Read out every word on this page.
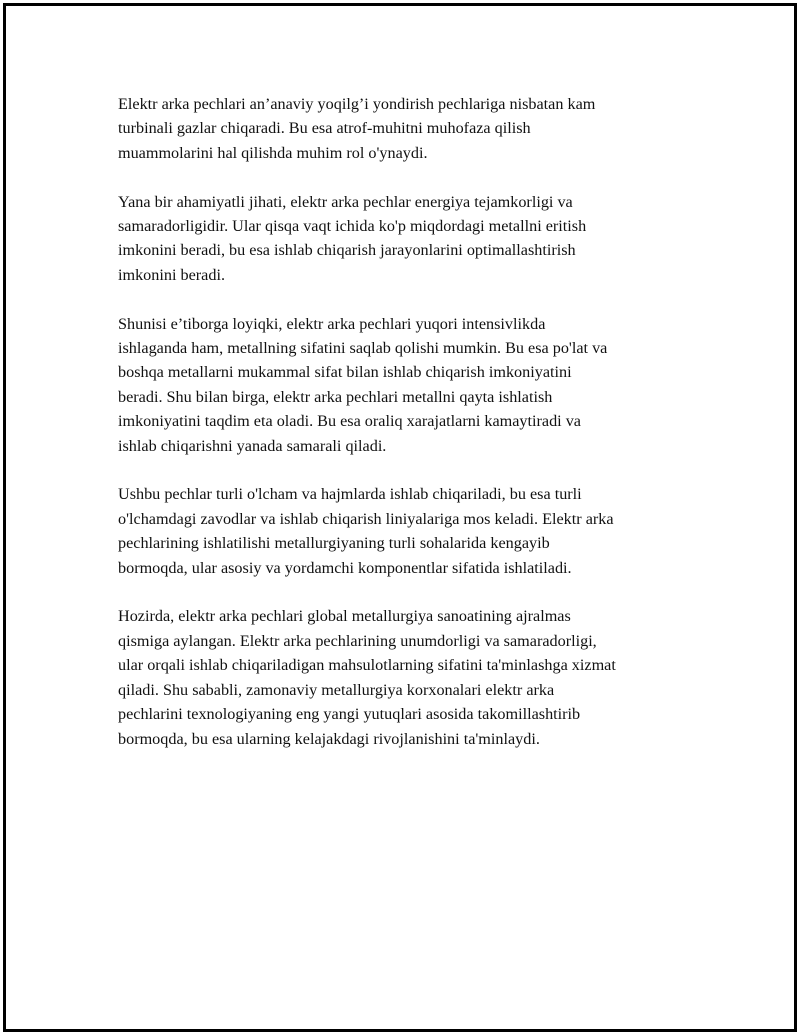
Elektr arka pechlari an’anaviy yoqilg’i yondirish pechlariga nisbatan kam
turbinali gazlar chiqaradi. Bu esa atrof-muhitni muhofaza qilish
muammolarini hal qilishda muhim rol o'ynaydi.

Yana bir ahamiyatli jihati, elektr arka pechlar energiya tejamkorligi va
samaradorligidir. Ular qisqa vaqt ichida ko'p miqdordagi metallni eritish
imkonini beradi, bu esa ishlab chiqarish jarayonlarini optimallashtirish
imkonini beradi.

Shunisi e’tiborga loyiqki, elektr arka pechlari yuqori intensivlikda
ishlaganda ham, metallning sifatini saqlab qolishi mumkin. Bu esa po'lat va
boshqa metallarni mukammal sifat bilan ishlab chiqarish imkoniyatini
beradi. Shu bilan birga, elektr arka pechlari metallni qayta ishlatish
imkoniyatini taqdim eta oladi. Bu esa oraliq xarajatlarni kamaytiradi va
ishlab chiqarishni yanada samarali qiladi.

Ushbu pechlar turli o'lcham va hajmlarda ishlab chiqariladi, bu esa turli
o'lchamdagi zavodlar va ishlab chiqarish liniyalariga mos keladi. Elektr arka
pechlarining ishlatilishi metallurgiyaning turli sohalarida kengayib
bormoqda, ular asosiy va yordamchi komponentlar sifatida ishlatiladi.

Hozirda, elektr arka pechlari global metallurgiya sanoatining ajralmas
qismiga aylangan. Elektr arka pechlarining unumdorligi va samaradorligi,
ular orqali ishlab chiqariladigan mahsulotlarning sifatini ta'minlashga xizmat
qiladi. Shu sababli, zamonaviy metallurgiya korxonalari elektr arka
pechlarini texnologiyaning eng yangi yutuqlari asosida takomillashtirib
bormoqda, bu esa ularning kelajakdagi rivojlanishini ta'minlaydi.
